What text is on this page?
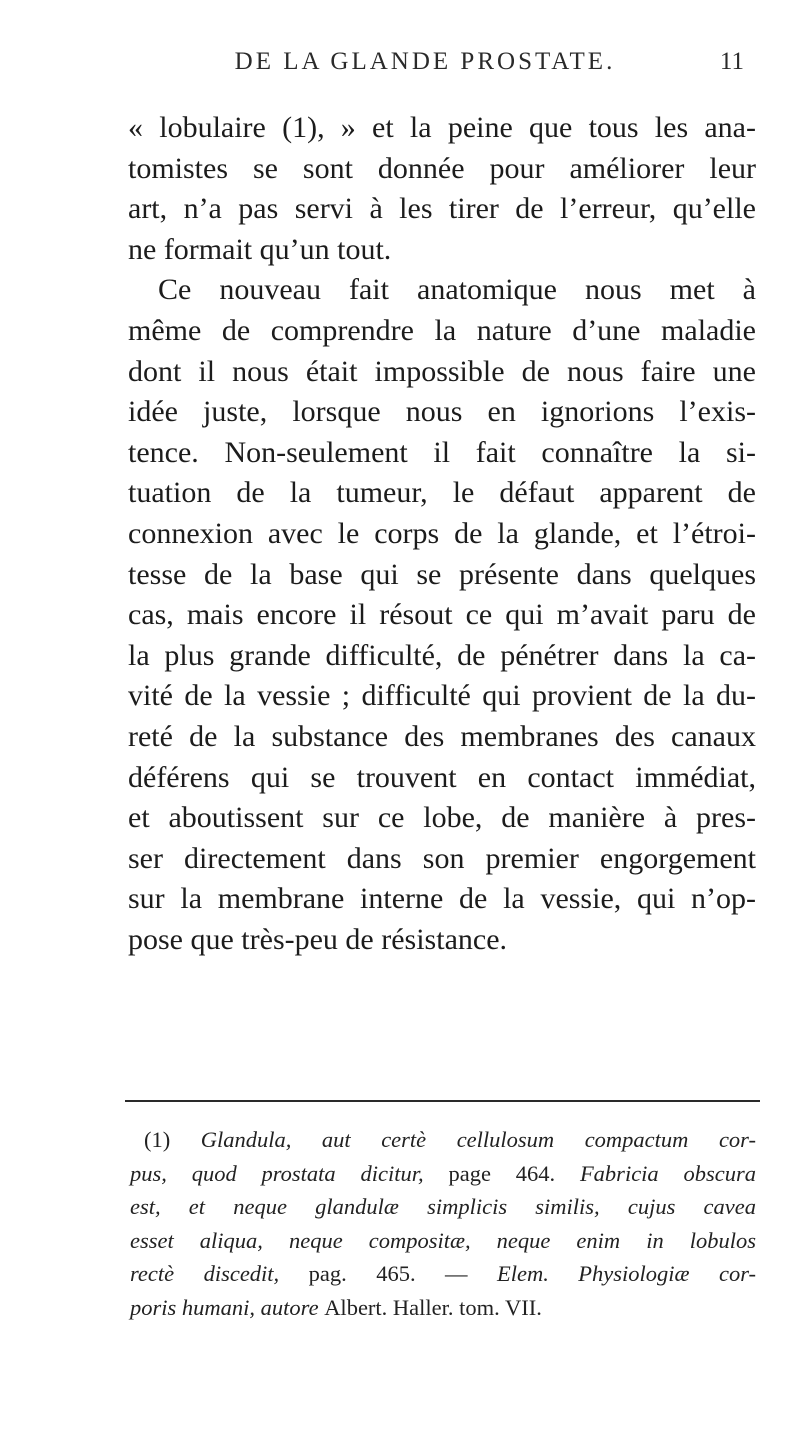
DE LA GLANDE PROSTATE.	11
« lobulaire (1), » et la peine que tous les ana-
tomistes se sont donnée pour améliorer leur
art, n’a pas servi à les tirer de l’erreur, qu’elle
ne formait qu’un tout.
Ce nouveau fait anatomique nous met à
même de comprendre la nature d’une maladie
dont il nous était impossible de nous faire une
idée juste, lorsque nous en ignorions l’exis-
tence. Non-seulement il fait connaître la si-
tuation de la tumeur, le défaut apparent de
connexion avec le corps de la glande, et l’étroi-
tesse de la base qui se présente dans quelques
cas, mais encore il résout ce qui m’avait paru de
la plus grande difficulté, de pénétrer dans la ca-
vité de la vessie ; difficulté qui provient de la du-
reté de la substance des membranes des canaux
déférens qui se trouvent en contact immédiat,
et aboutissent sur ce lobe, de manière à pres-
ser directement dans son premier engorgement
sur la membrane interne de la vessie, qui n’op-
pose que très-peu de résistance.
(1) Glandula, aut certè cellulosum compactum cor-
pus, quod prostata dicitur, page 464. Fabricia obscura
est, et neque glandulæ simplicis similis, cujus cavea
esset aliqua, neque compositæ, neque enim in lobulos
rectè discedit, pag. 465. — Elem. Physiologiæ cor-
poris humani, autore Albert. Haller. tom. VII.
